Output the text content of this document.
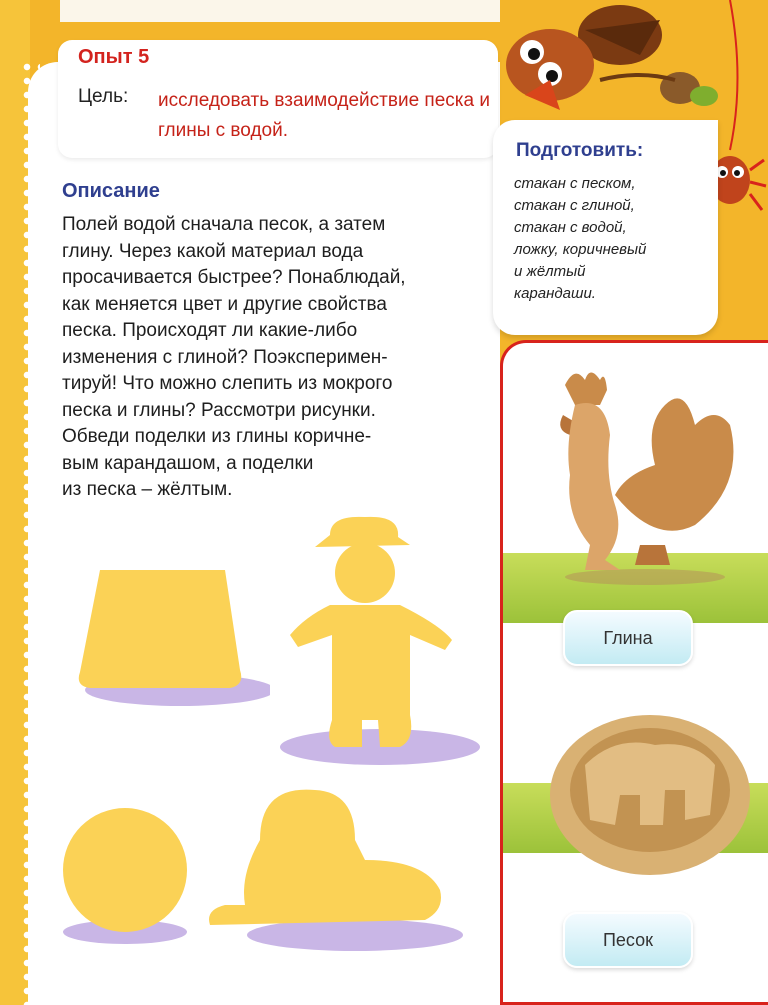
Опыт 5
Цель: исследовать взаимодействие песка и глины с водой.
Подготовить:
стакан с песком,
стакан с глиной,
стакан с водой,
ложку, коричневый
и жёлтый
карандаши.
Описание
Полей водой сначала песок, а затем
глину. Через какой материал вода
просачивается быстрее? Понаблюдай,
как меняется цвет и другие свойства
песка. Происходят ли какие-либо
изменения с глиной? Поэксперимен-
тируй! Что можно слепить из мокрого
песка и глины? Рассмотри рисунки.
Обведи поделки из глины коричне-
вым карандашом, а поделки
из песка – жёлтым.
Глина
Песок
